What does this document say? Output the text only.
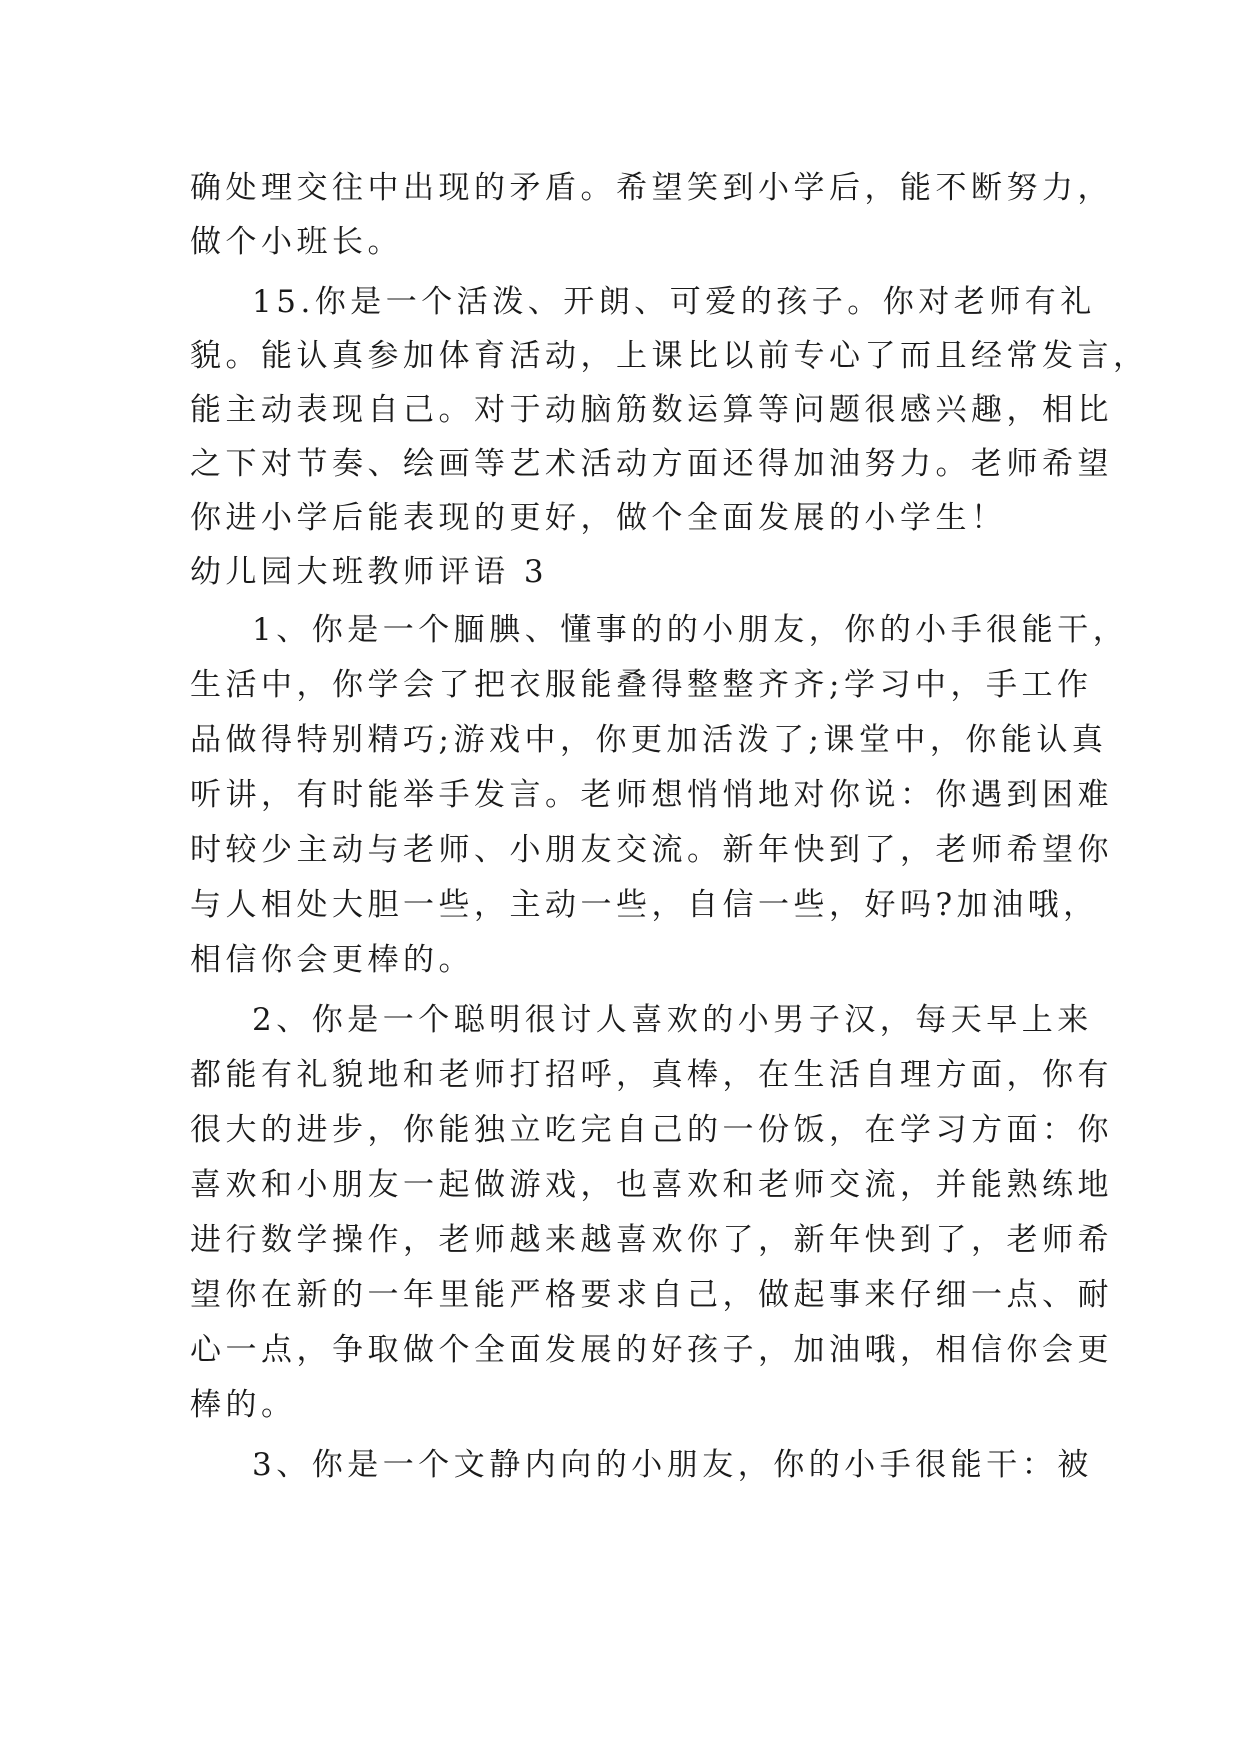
确处理交往中出现的矛盾。希望笑到小学后，能不断努力，
做个小班长。
15.你是一个活泼、开朗、可爱的孩子。你对老师有礼
貌。能认真参加体育活动，上课比以前专心了而且经常发言，
能主动表现自己。对于动脑筋数运算等问题很感兴趣，相比
之下对节奏、绘画等艺术活动方面还得加油努力。老师希望
你进小学后能表现的更好，做个全面发展的小学生！
幼儿园大班教师评语 3
1、你是一个腼腆、懂事的的小朋友，你的小手很能干，
生活中，你学会了把衣服能叠得整整齐齐;学习中，手工作
品做得特别精巧;游戏中，你更加活泼了;课堂中，你能认真
听讲，有时能举手发言。老师想悄悄地对你说：你遇到困难
时较少主动与老师、小朋友交流。新年快到了，老师希望你
与人相处大胆一些，主动一些，自信一些，好吗?加油哦，
相信你会更棒的。
2、你是一个聪明很讨人喜欢的小男子汉，每天早上来
都能有礼貌地和老师打招呼，真棒，在生活自理方面，你有
很大的进步，你能独立吃完自己的一份饭，在学习方面：你
喜欢和小朋友一起做游戏，也喜欢和老师交流，并能熟练地
进行数学操作，老师越来越喜欢你了，新年快到了，老师希
望你在新的一年里能严格要求自己，做起事来仔细一点、耐
心一点，争取做个全面发展的好孩子，加油哦，相信你会更
棒的。
3、你是一个文静内向的小朋友，你的小手很能干：被
